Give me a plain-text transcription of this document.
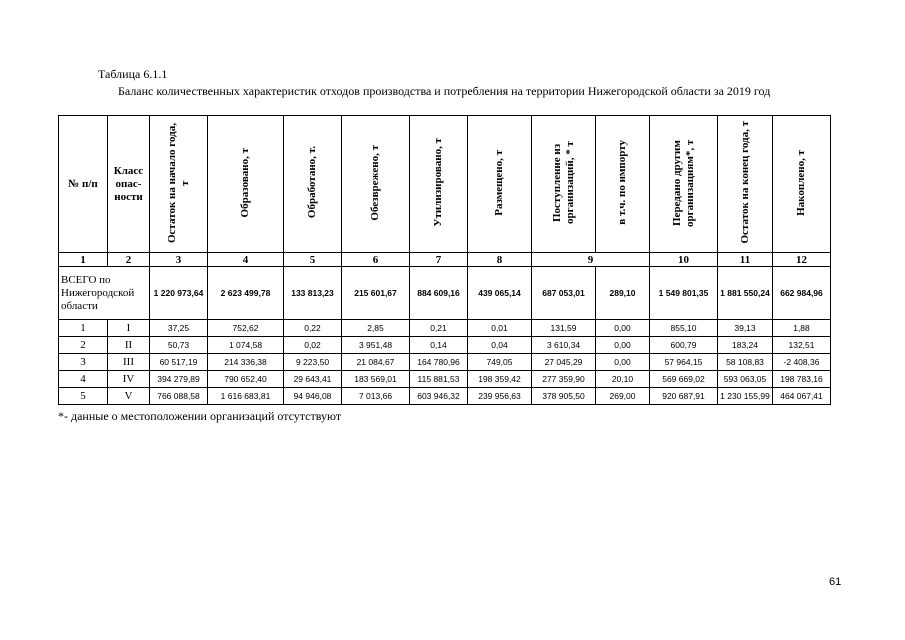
Таблица 6.1.1
Баланс количественных характеристик отходов производства и потребления на территории Нижегородской области за 2019 год
№ п/п	Класс опас-ности	Остаток на начало года, т	Образовано, т	Обработано, т.	Обезврежено, т	Утилизировано, т	Размещено, т	Поступление из организаций, * т	в т.ч. по импорту	Передано другим организациям*, т	Остаток на конец года, т	Накоплено, т
1	2	3	4	5	6	7	8	9		10	11	12
ВСЕГО по Нижегородской области		1 220 973,64	2 623 499,78	133 813,23	215 601,67	884 609,16	439 065,14	687 053,01	289,10	1 549 801,35	1 881 550,24	662 984,96
1	I	37,25	752,62	0,22	2,85	0,21	0,01	131,59	0,00	855,10	39,13	1,88
2	II	50,73	1 074,58	0,02	3 951,48	0,14	0,04	3 610,34	0,00	600,79	183,24	132,51
3	III	60 517,19	214 336,38	9 223,50	21 084,67	164 780,96	749,05	27 045,29	0,00	57 964,15	58 108,83	-2 408,36
4	IV	394 279,89	790 652,40	29 643,41	183 569,01	115 881,53	198 359,42	277 359,90	20,10	569 669,02	593 063,05	198 783,16
5	V	766 088,58	1 616 683,81	94 946,08	7 013,66	603 946,32	239 956,63	378 905,50	269,00	920 687,91	1 230 155,99	464 067,41
*- данные о местоположении организаций отсутствуют
61
